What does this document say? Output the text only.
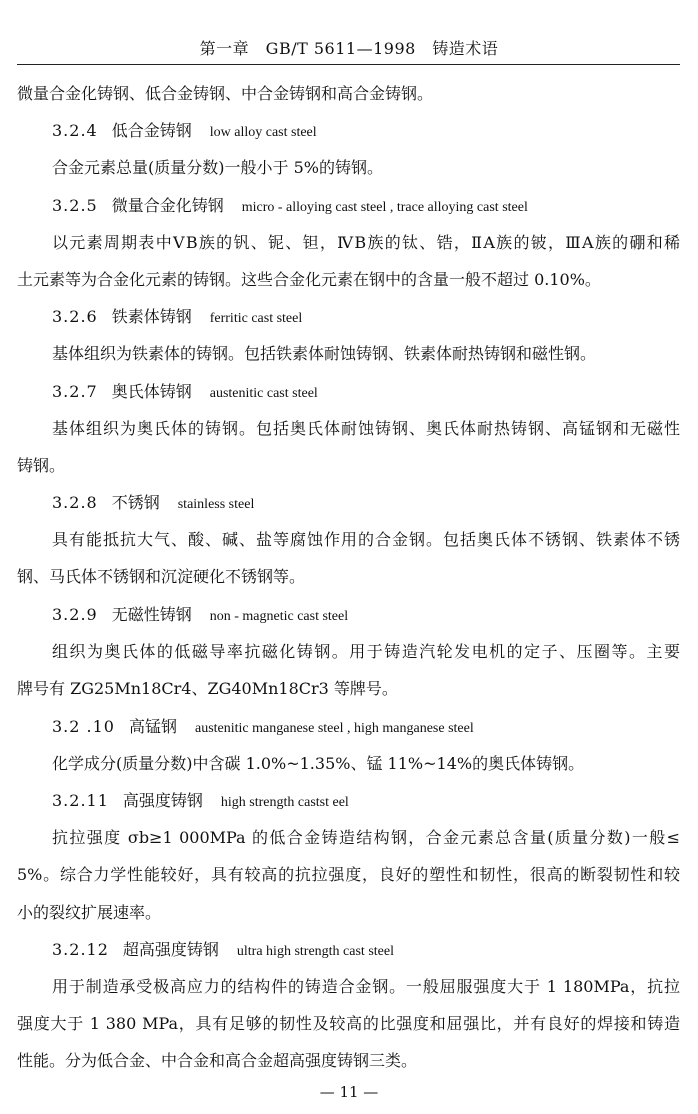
第一章　GB/T 5611—1998　铸造术语
微量合金化铸钢、低合金铸钢、中合金铸钢和高合金铸钢。
3.2.4 低合金铸钢 low alloy cast steel
合金元素总量(质量分数)一般小于 5%的铸钢。
3.2.5 微量合金化铸钢 micro - alloying cast steel , trace alloying cast steel
以元素周期表中ⅤB族的钒、铌、钽，ⅣB族的钛、锆，ⅡA族的铍，ⅢA族的硼和稀
土元素等为合金化元素的铸钢。这些合金化元素在钢中的含量一般不超过 0.10%。
3.2.6 铁素体铸钢 ferritic cast steel
基体组织为铁素体的铸钢。包括铁素体耐蚀铸钢、铁素体耐热铸钢和磁性钢。
3.2.7 奥氏体铸钢 austenitic cast steel
基体组织为奥氏体的铸钢。包括奥氏体耐蚀铸钢、奥氏体耐热铸钢、高锰钢和无磁性
铸钢。
3.2.8 不锈钢 stainless steel
具有能抵抗大气、酸、碱、盐等腐蚀作用的合金钢。包括奥氏体不锈钢、铁素体不锈
钢、马氏体不锈钢和沉淀硬化不锈钢等。
3.2.9 无磁性铸钢 non - magnetic cast steel
组织为奥氏体的低磁导率抗磁化铸钢。用于铸造汽轮发电机的定子、压圈等。主要
牌号有 ZG25Mn18Cr4、ZG40Mn18Cr3 等牌号。
3.2 .10 高锰钢 austenitic manganese steel , high manganese steel
化学成分(质量分数)中含碳 1.0%~1.35%、锰 11%~14%的奥氏体铸钢。
3.2.11 高强度铸钢 high strength castst eel
抗拉强度 σb≥1 000MPa 的低合金铸造结构钢，合金元素总含量(质量分数)一般≤
5%。综合力学性能较好，具有较高的抗拉强度，良好的塑性和韧性，很高的断裂韧性和较
小的裂纹扩展速率。
3.2.12 超高强度铸钢 ultra high strength cast steel
用于制造承受极高应力的结构件的铸造合金钢。一般屈服强度大于 1 180MPa，抗拉
强度大于 1 380 MPa，具有足够的韧性及较高的比强度和屈强比，并有良好的焊接和铸造
性能。分为低合金、中合金和高合金超高强度铸钢三类。
— 11 —
